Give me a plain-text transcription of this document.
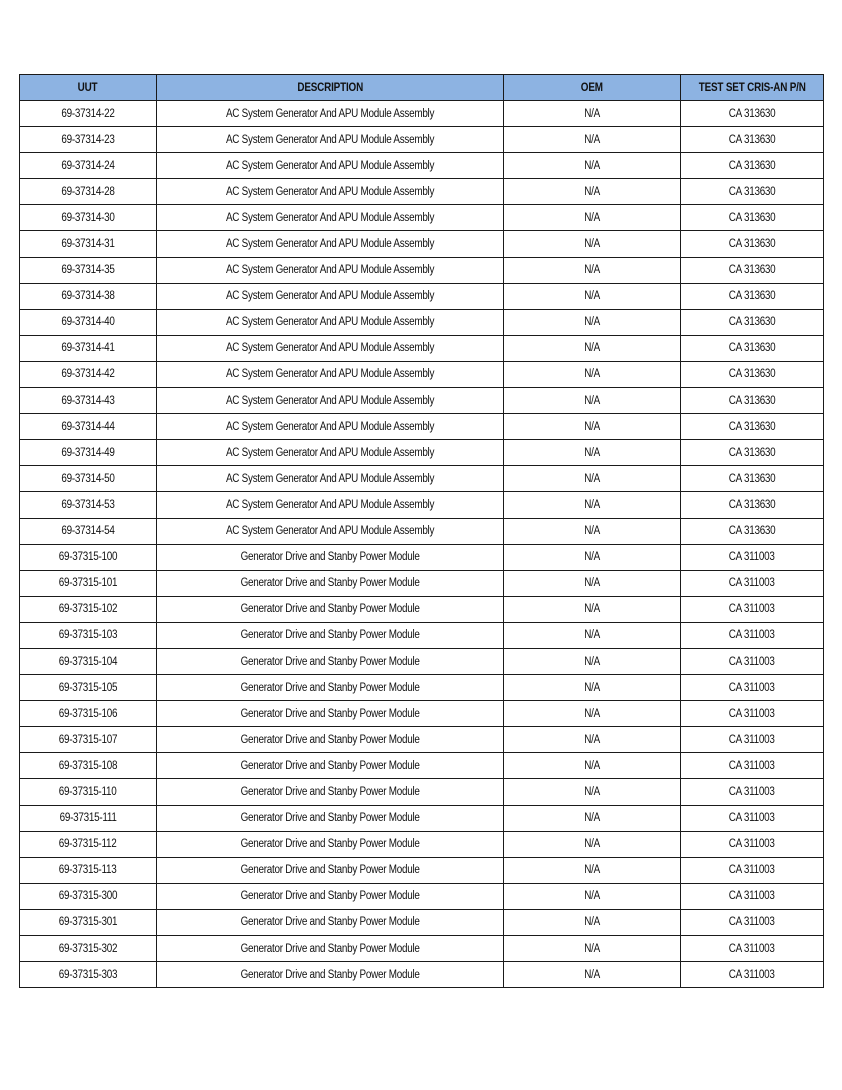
UUT	DESCRIPTION	OEM	TEST SET CRIS-AN P/N
69-37314-22	AC System Generator And APU Module Assembly	N/A	CA 313630
69-37314-23	AC System Generator And APU Module Assembly	N/A	CA 313630
69-37314-24	AC System Generator And APU Module Assembly	N/A	CA 313630
69-37314-28	AC System Generator And APU Module Assembly	N/A	CA 313630
69-37314-30	AC System Generator And APU Module Assembly	N/A	CA 313630
69-37314-31	AC System Generator And APU Module Assembly	N/A	CA 313630
69-37314-35	AC System Generator And APU Module Assembly	N/A	CA 313630
69-37314-38	AC System Generator And APU Module Assembly	N/A	CA 313630
69-37314-40	AC System Generator And APU Module Assembly	N/A	CA 313630
69-37314-41	AC System Generator And APU Module Assembly	N/A	CA 313630
69-37314-42	AC System Generator And APU Module Assembly	N/A	CA 313630
69-37314-43	AC System Generator And APU Module Assembly	N/A	CA 313630
69-37314-44	AC System Generator And APU Module Assembly	N/A	CA 313630
69-37314-49	AC System Generator And APU Module Assembly	N/A	CA 313630
69-37314-50	AC System Generator And APU Module Assembly	N/A	CA 313630
69-37314-53	AC System Generator And APU Module Assembly	N/A	CA 313630
69-37314-54	AC System Generator And APU Module Assembly	N/A	CA 313630
69-37315-100	Generator Drive and Stanby Power Module	N/A	CA 311003
69-37315-101	Generator Drive and Stanby Power Module	N/A	CA 311003
69-37315-102	Generator Drive and Stanby Power Module	N/A	CA 311003
69-37315-103	Generator Drive and Stanby Power Module	N/A	CA 311003
69-37315-104	Generator Drive and Stanby Power Module	N/A	CA 311003
69-37315-105	Generator Drive and Stanby Power Module	N/A	CA 311003
69-37315-106	Generator Drive and Stanby Power Module	N/A	CA 311003
69-37315-107	Generator Drive and Stanby Power Module	N/A	CA 311003
69-37315-108	Generator Drive and Stanby Power Module	N/A	CA 311003
69-37315-110	Generator Drive and Stanby Power Module	N/A	CA 311003
69-37315-111	Generator Drive and Stanby Power Module	N/A	CA 311003
69-37315-112	Generator Drive and Stanby Power Module	N/A	CA 311003
69-37315-113	Generator Drive and Stanby Power Module	N/A	CA 311003
69-37315-300	Generator Drive and Stanby Power Module	N/A	CA 311003
69-37315-301	Generator Drive and Stanby Power Module	N/A	CA 311003
69-37315-302	Generator Drive and Stanby Power Module	N/A	CA 311003
69-37315-303	Generator Drive and Stanby Power Module	N/A	CA 311003
